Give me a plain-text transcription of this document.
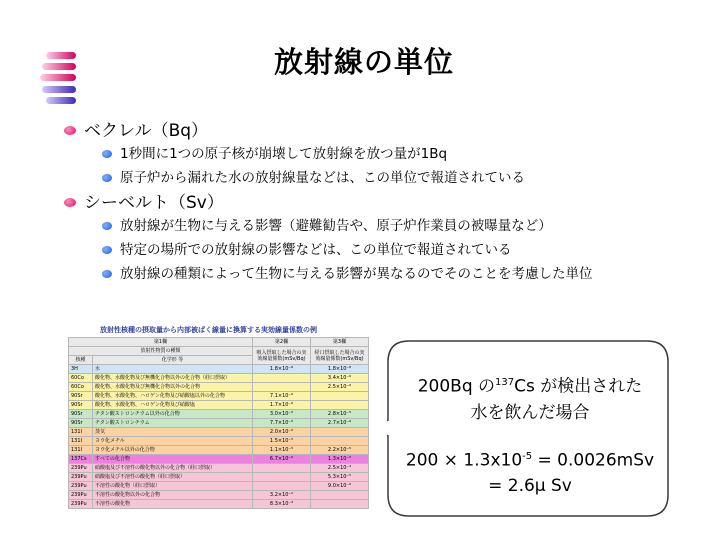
放射線の単位
ベクレル（Bq）
1秒間に1つの原子核が崩壊して放射線を放つ量が1Bq
原子炉から漏れた水の放射線量などは、この単位で報道されている
シーベルト（Sv）
放射線が生物に与える影響（避難勧告や、原子炉作業員の被曝量など）
特定の場所での放射線の影響などは、この単位で報道されている
放射線の種類によって生物に与える影響が異なるのでそのことを考慮した単位
放射性核種の摂取量から内部被ばく線量に換算する実効線量係数の例
第1欄		第2欄	第3欄
放射性物質の種類		吸入摂取した場合の実効線量係数(mSv/Bq)	経口摂取した場合の実効線量係数(mSv/Bq)
核種	化学形 等		
3H	水	1.8×10⁻⁸	1.8×10⁻⁸
60Co	酸化物、水酸化物及び無機化合物以外の化合物（経口摂取）		3.4×10⁻⁶
60Co	酸化物、水酸化物及び無機化合物以外の化合物		2.5×10⁻⁶
90Sr	酸化物、水酸化物、ハロゲン化物及び硝酸塩以外の化合物	7.1×10⁻⁶	
90Sr	酸化物、水酸化物、ハロゲン化物及び硝酸塩	1.7×10⁻⁶	
90Sr	チタン酸ストロンチウム以外の化合物	3.0×10⁻⁵	2.8×10⁻⁵
90Sr	チタン酸ストロンチウム	7.7×10⁻⁵	2.7×10⁻⁶
131I	蒸気	2.0×10⁻⁵	
131I	ヨウ化メチル	1.5×10⁻⁵	
131I	ヨウ化メチル以外の化合物	1.1×10⁻⁵	2.2×10⁻⁵
137Cs	すべての化合物	6.7×10⁻⁶	1.3×10⁻⁵
239Pu	硝酸塩及び不溶性の酸化物以外の化合物（経口摂取）		2.5×10⁻⁴
239Pu	硝酸塩及び不溶性の酸化物（経口摂取）		5.3×10⁻⁵
239Pu	不溶性の酸化物（経口摂取）		9.0×10⁻⁶
239Pu	不溶性の酸化物以外の化合物	3.2×10⁻²	
239Pu	不溶性の酸化物	8.3×10⁻³	
200Bq の$^{137}$Cs が検出された
水を飲んだ場合
$200 \times 1.3x10^{-5} = 0.0026mSv$
= 2.6µ Sv
